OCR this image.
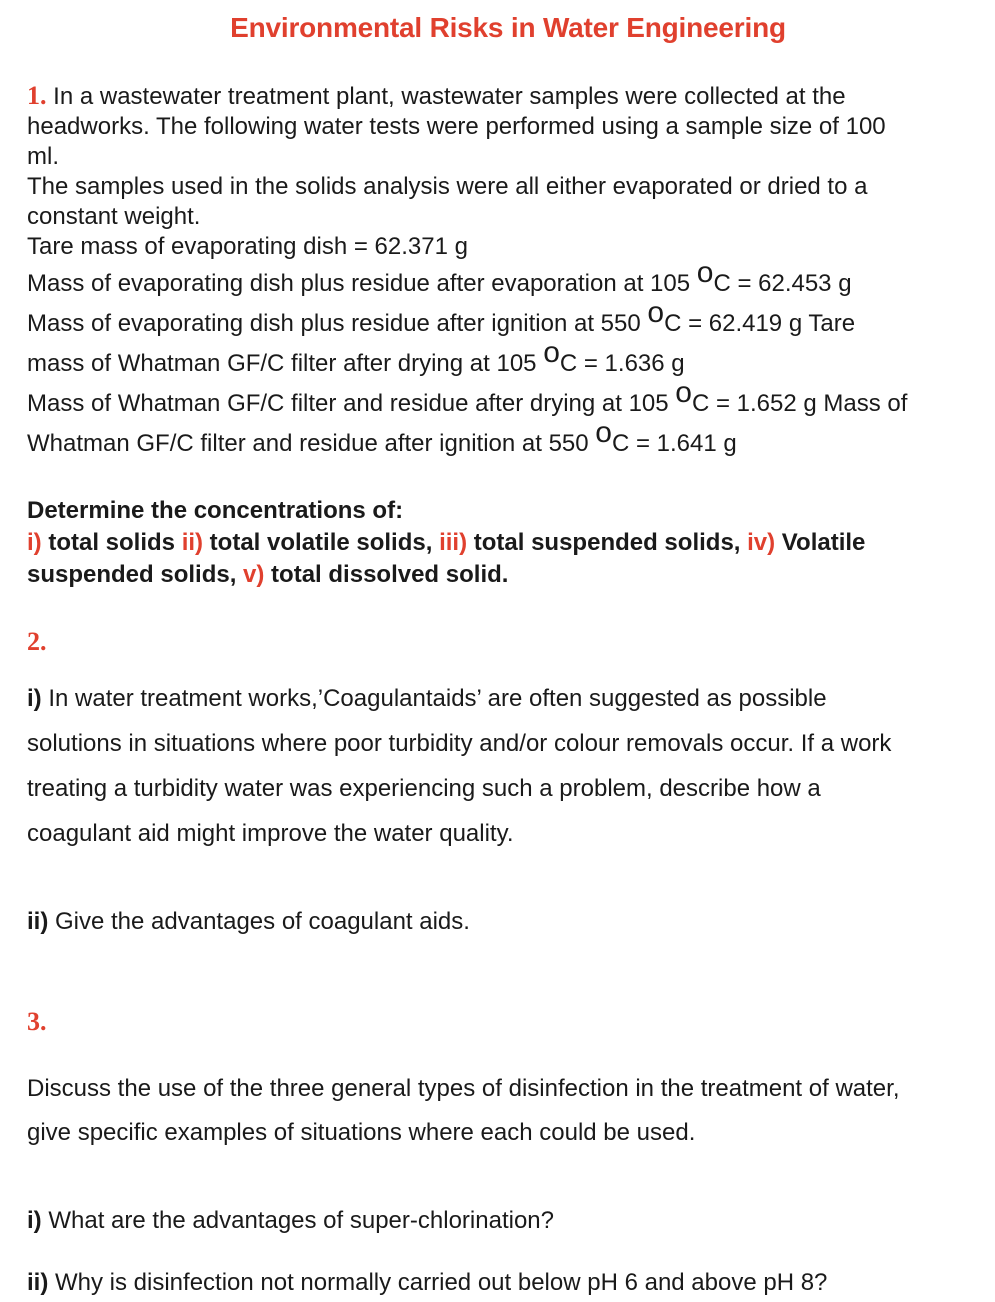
Environmental Risks in Water Engineering
1. In a wastewater treatment plant, wastewater samples were collected at the
headworks. The following water tests were performed using a sample size of 100
ml.
The samples used in the solids analysis were all either evaporated or dried to a
constant weight.
Tare mass of evaporating dish = 62.371 g
Mass of evaporating dish plus residue after evaporation at 105 $^o$C = 62.453 g
Mass of evaporating dish plus residue after ignition at 550 $^o$C = 62.419 g Tare
mass of Whatman GF/C filter after drying at 105 $^o$C = 1.636 g
Mass of Whatman GF/C filter and residue after drying at 105 $^o$C = 1.652 g Mass of
Whatman GF/C filter and residue after ignition at 550 $^o$C = 1.641 g
Determine the concentrations of:
i) total solids ii) total volatile solids, iii) total suspended solids, iv) Volatile
suspended solids, v) total dissolved solid.
2.
i) In water treatment works,’Coagulantaids’ are often suggested as possible
solutions in situations where poor turbidity and/or colour removals occur. If a work
treating a turbidity water was experiencing such a problem, describe how a
coagulant aid might improve the water quality.
ii) Give the advantages of coagulant aids.
3.
Discuss the use of the three general types of disinfection in the treatment of water,
give specific examples of situations where each could be used.
i) What are the advantages of super-chlorination?
ii) Why is disinfection not normally carried out below pH 6 and above pH 8?
